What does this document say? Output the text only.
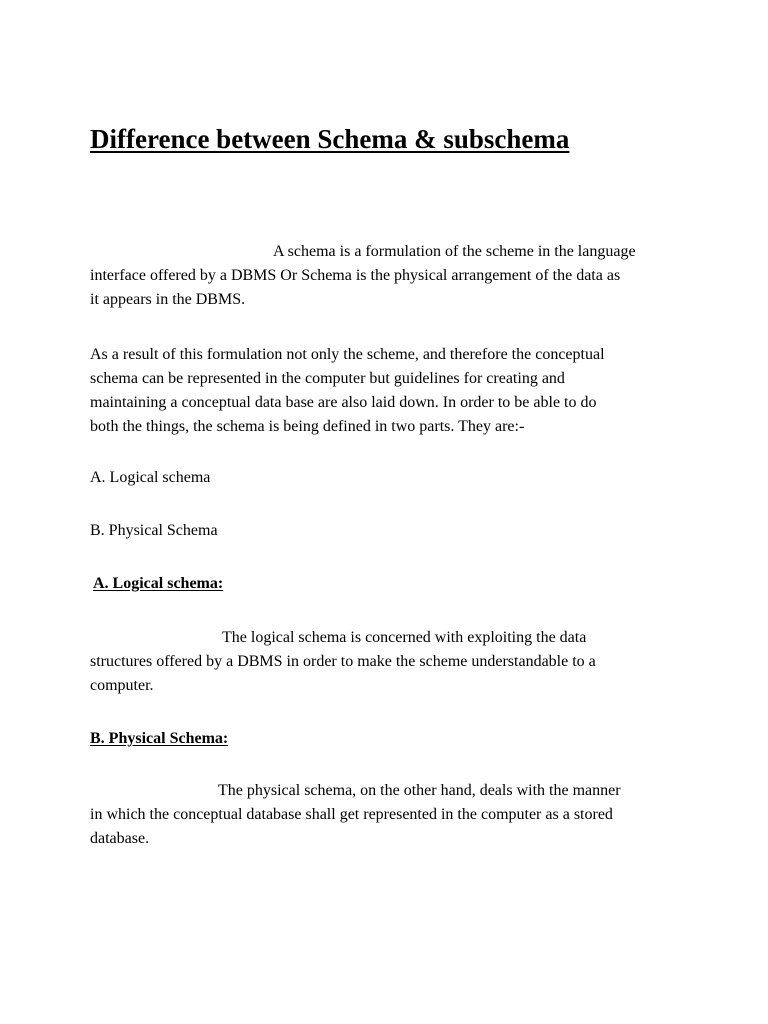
Difference between Schema & subschema

A schema is a formulation of the scheme in the language
interface offered by a DBMS Or Schema is the physical arrangement of the data as
it appears in the DBMS.

As a result of this formulation not only the scheme, and therefore the conceptual
schema can be represented in the computer but guidelines for creating and
maintaining a conceptual data base are also laid down. In order to be able to do
both the things, the schema is being defined in two parts. They are:-

A. Logical schema

B. Physical Schema

A. Logical schema:

The logical schema is concerned with exploiting the data
structures offered by a DBMS in order to make the scheme understandable to a
computer.

B. Physical Schema:

The physical schema, on the other hand, deals with the manner
in which the conceptual database shall get represented in the computer as a stored
database.
